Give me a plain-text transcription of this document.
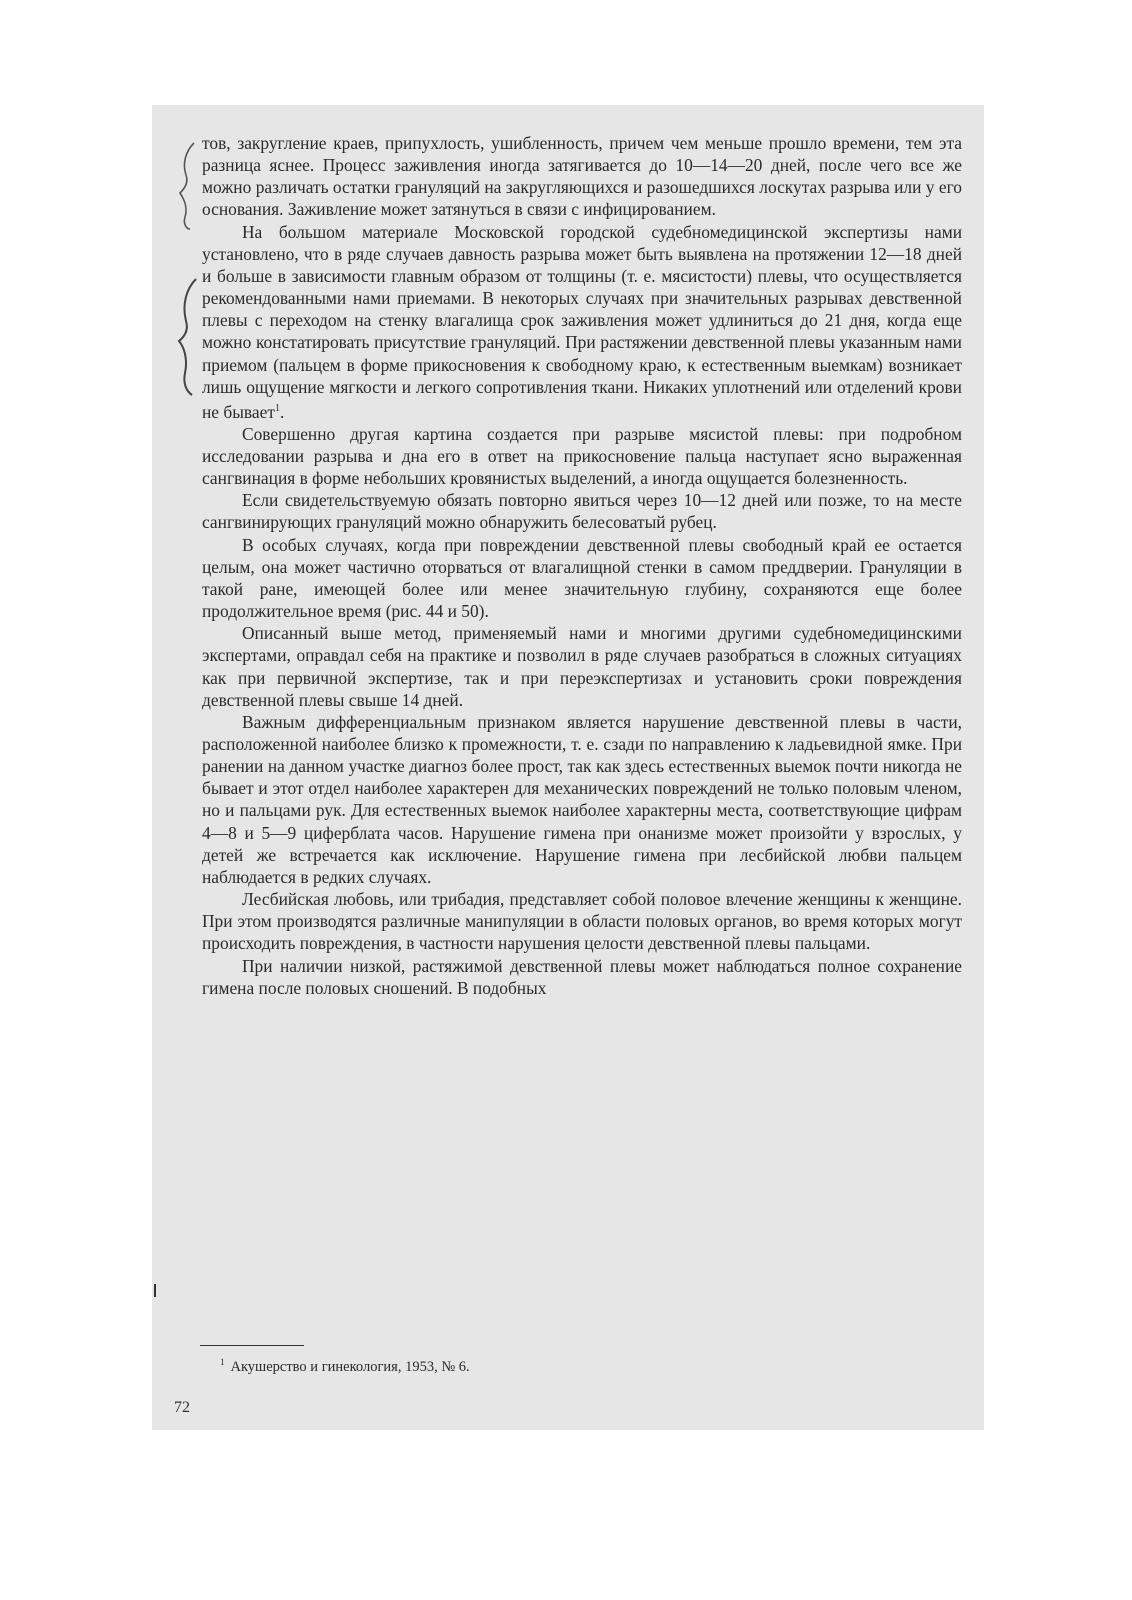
тов, закругление краев, припухлость, ушибленность, причем чем меньше прошло времени, тем эта разница яснее. Процесс заживления иногда затягивается до 10—14—20 дней, после чего все же можно различать остатки грануляций на закругляющихся и разошедшихся лоскутах разрыва или у его основания. Заживление может затянуться в связи с инфицированием.

На большом материале Московской городской судебномедицинской экспертизы нами установлено, что в ряде случаев давность разрыва может быть выявлена на протяжении 12—18 дней и больше в зависимости главным образом от толщины (т. е. мясистости) плевы, что осуществляется рекомендованными нами приемами. В некоторых случаях при значительных разрывах девственной плевы с переходом на стенку влагалища срок заживления может удлиниться до 21 дня, когда еще можно констатировать присутствие грануляций. При растяжении девственной плевы указанным нами приемом (пальцем в форме прикосновения к свободному краю, к естественным выемкам) возникает лишь ощущение мягкости и легкого сопротивления ткани. Никаких уплотнений или отделений крови не бывает$^1$.

Совершенно другая картина создается при разрыве мясистой плевы: при подробном исследовании разрыва и дна его в ответ на прикосновение пальца наступает ясно выраженная сангвинация в форме небольших кровянистых выделений, а иногда ощущается болезненность.

Если свидетельствуемую обязать повторно явиться через 10—12 дней или позже, то на месте сангвинирующих грануляций можно обнаружить белесоватый рубец.

В особых случаях, когда при повреждении девственной плевы свободный край ее остается целым, она может частично оторваться от влагалищной стенки в самом преддверии. Грануляции в такой ране, имеющей более или менее значительную глубину, сохраняются еще более продолжительное время (рис. 44 и 50).

Описанный выше метод, применяемый нами и многими другими судебномедицинскими экспертами, оправдал себя на практике и позволил в ряде случаев разобраться в сложных ситуациях как при первичной экспертизе, так и при переэкспертизах и установить сроки повреждения девственной плевы свыше 14 дней.

Важным дифференциальным признаком является нарушение девственной плевы в части, расположенной наиболее близко к промежности, т. е. сзади по направлению к ладьевидной ямке. При ранении на данном участке диагноз более прост, так как здесь естественных выемок почти никогда не бывает и этот отдел наиболее характерен для механических повреждений не только половым членом, но и пальцами рук. Для естественных выемок наиболее характерны места, соответствующие цифрам 4—8 и 5—9 циферблата часов. Нарушение гимена при онанизме может произойти у взрослых, у детей же встречается как исключение. Нарушение гимена при лесбийской любви пальцем наблюдается в редких случаях.

Лесбийская любовь, или трибадия, представляет собой половое влечение женщины к женщине. При этом производятся различные манипуляции в области половых органов, во время которых могут происходить повреждения, в частности нарушения целости девственной плевы пальцами.

При наличии низкой, растяжимой девственной плевы может наблюдаться полное сохранение гимена после половых сношений. В подобных

$^1$ Акушерство и гинекология, 1953, № 6.
72
